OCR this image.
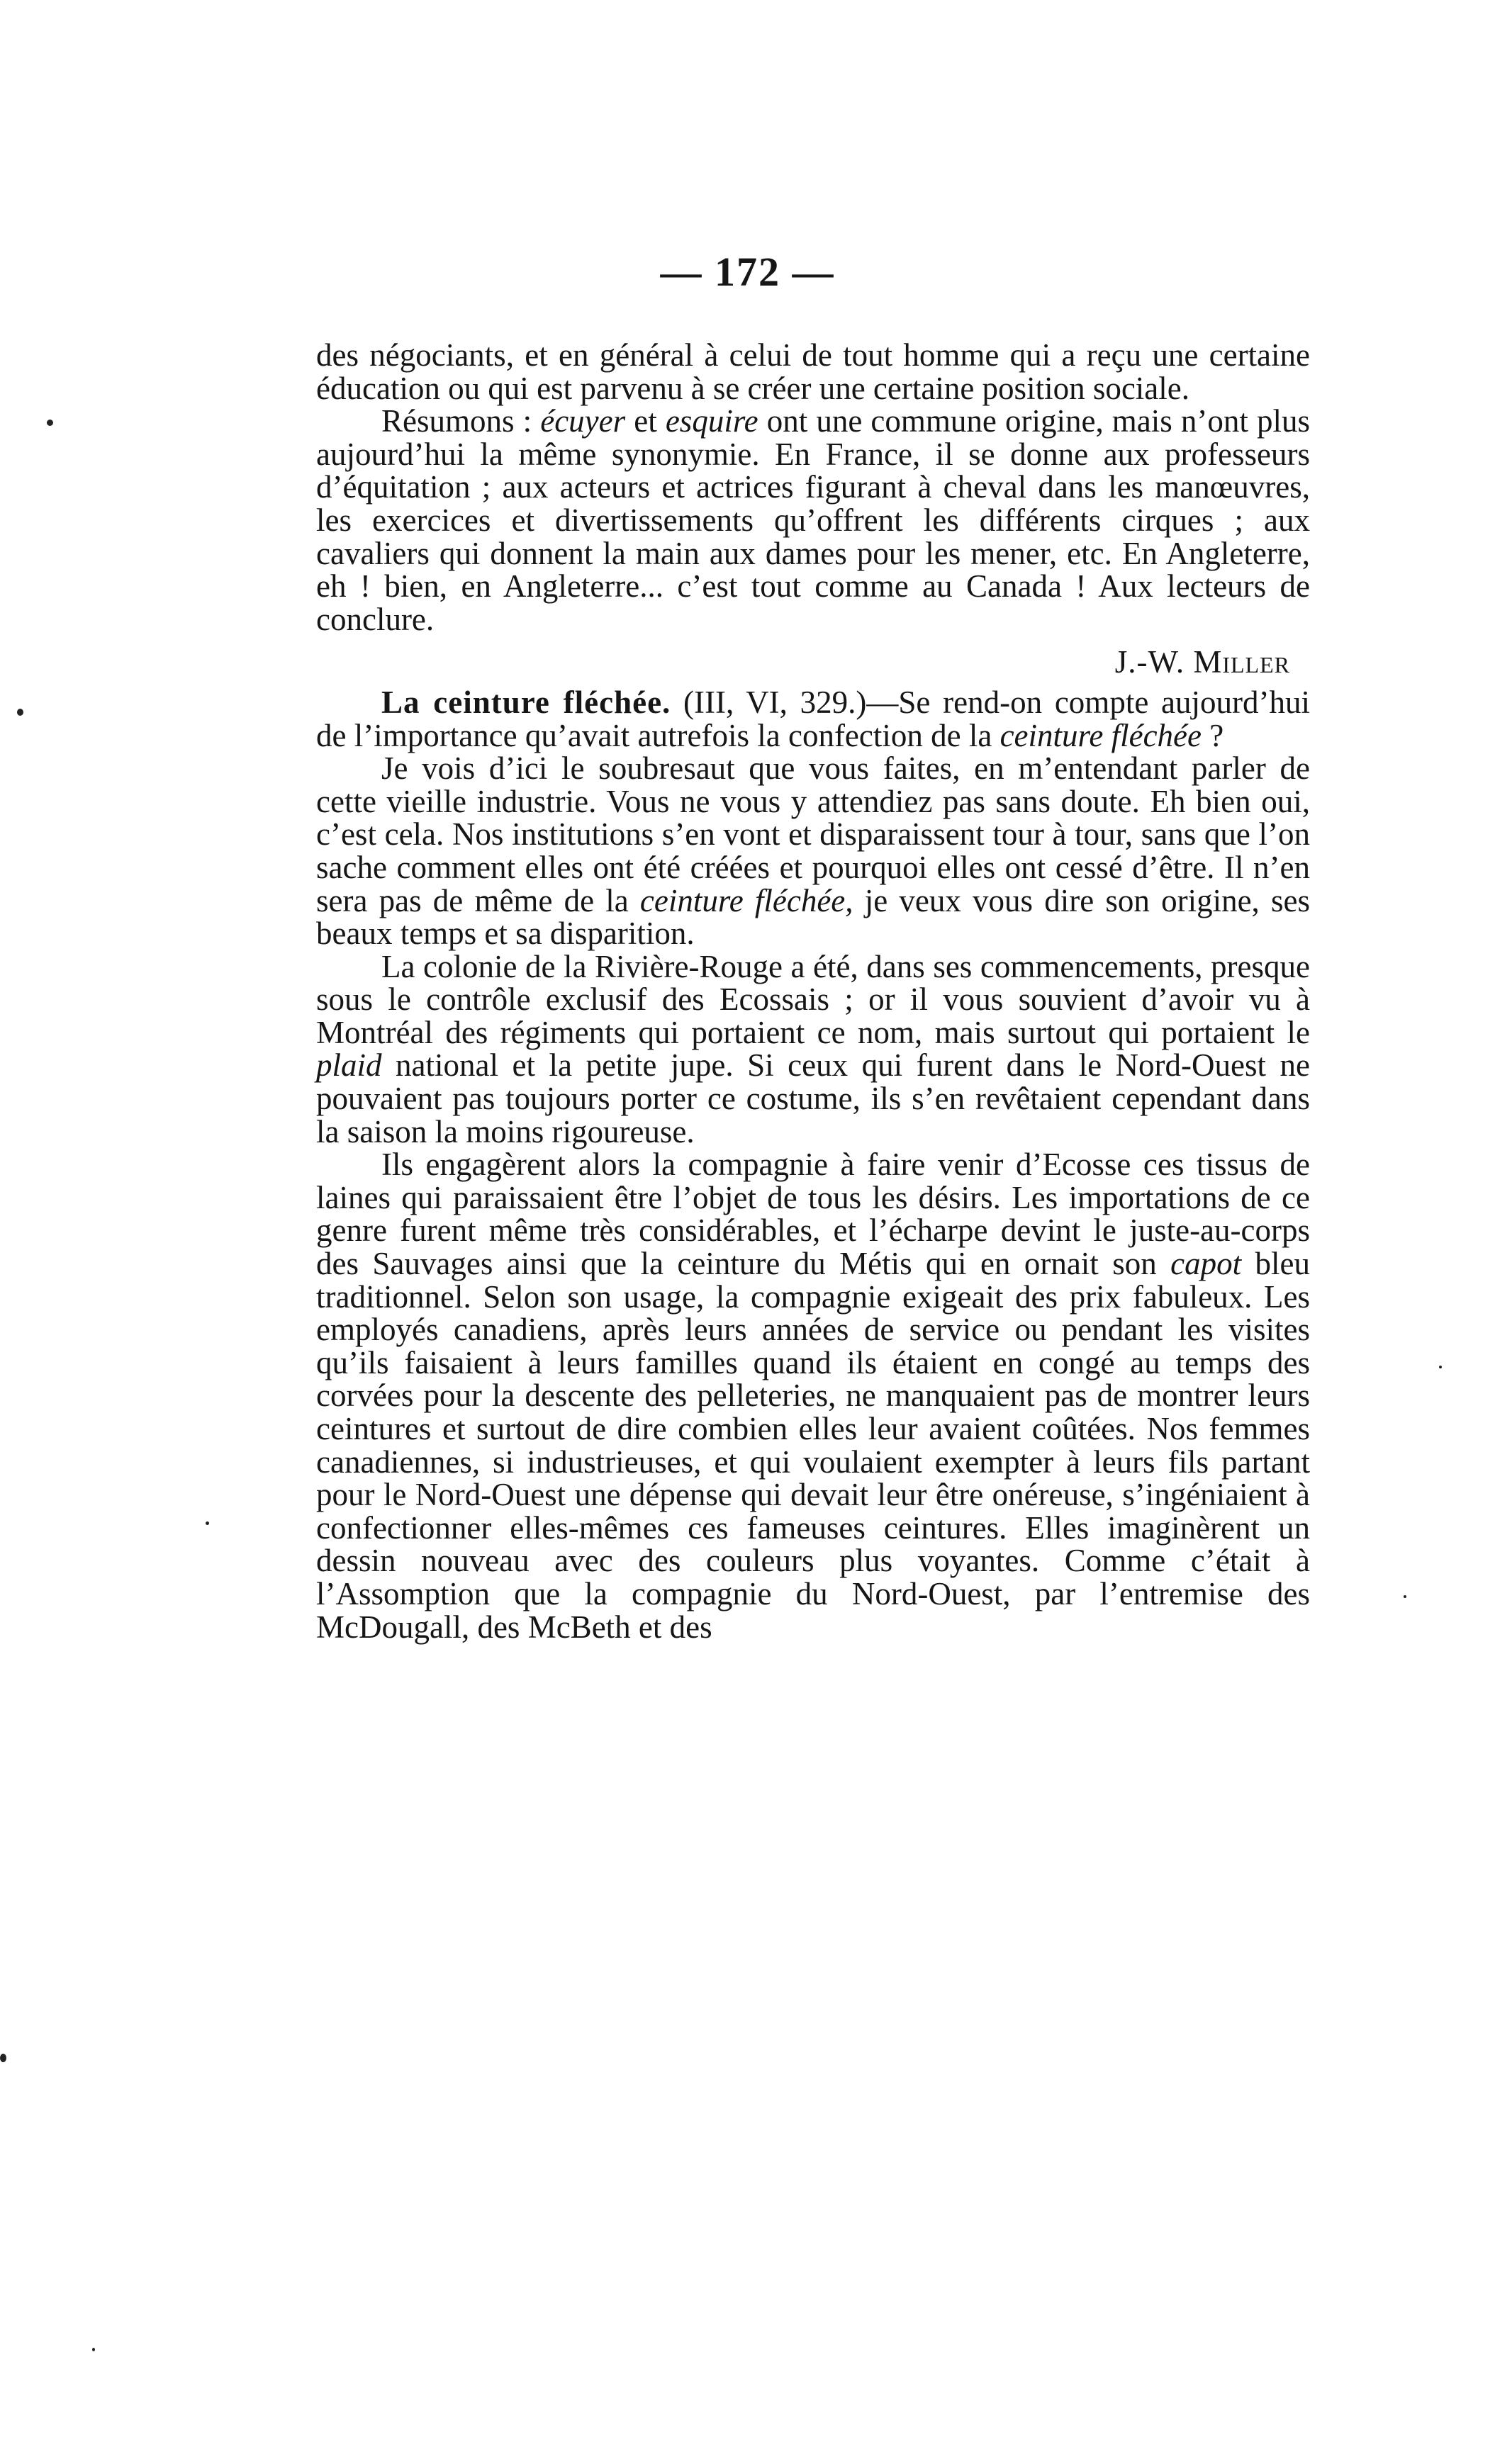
— 172 —

des négociants, et en général à celui de tout homme qui a reçu une certaine éducation ou qui est parvenu à se créer une certaine position sociale.

Résumons : écuyer et esquire ont une commune origine, mais n’ont plus aujourd’hui la même synonymie. En France, il se donne aux professeurs d’équitation ; aux acteurs et actrices figurant à cheval dans les manœuvres, les exercices et divertissements qu’offrent les différents cirques ; aux cavaliers qui donnent la main aux dames pour les mener, etc. En Angleterre, eh ! bien, en Angleterre... c’est tout comme au Canada ! Aux lecteurs de conclure.

J.-W. Miller

La ceinture fléchée. (III, VI, 329.)—Se rend-on compte aujourd’hui de l’importance qu’avait autrefois la confection de la ceinture fléchée ?

Je vois d’ici le soubresaut que vous faites, en m’entendant parler de cette vieille industrie. Vous ne vous y attendiez pas sans doute. Eh bien oui, c’est cela. Nos institutions s’en vont et disparaissent tour à tour, sans que l’on sache comment elles ont été créées et pourquoi elles ont cessé d’être. Il n’en sera pas de même de la ceinture fléchée, je veux vous dire son origine, ses beaux temps et sa disparition.

La colonie de la Rivière-Rouge a été, dans ses commencements, presque sous le contrôle exclusif des Ecossais ; or il vous souvient d’avoir vu à Montréal des régiments qui portaient ce nom, mais surtout qui portaient le plaid national et la petite jupe. Si ceux qui furent dans le Nord-Ouest ne pouvaient pas toujours porter ce costume, ils s’en revêtaient cependant dans la saison la moins rigoureuse.

Ils engagèrent alors la compagnie à faire venir d’Ecosse ces tissus de laines qui paraissaient être l’objet de tous les désirs. Les importations de ce genre furent même très considérables, et l’écharpe devint le juste-au-corps des Sauvages ainsi que la ceinture du Métis qui en ornait son capot bleu traditionnel. Selon son usage, la compagnie exigeait des prix fabuleux. Les employés canadiens, après leurs années de service ou pendant les visites qu’ils faisaient à leurs familles quand ils étaient en congé au temps des corvées pour la descente des pelleteries, ne manquaient pas de montrer leurs ceintures et surtout de dire combien elles leur avaient coûtées. Nos femmes canadiennes, si industrieuses, et qui voulaient exempter à leurs fils partant pour le Nord-Ouest une dépense qui devait leur être onéreuse, s’ingéniaient à confectionner elles-mêmes ces fameuses ceintures. Elles imaginèrent un dessin nouveau avec des couleurs plus voyantes. Comme c’était à l’Assomption que la compagnie du Nord-Ouest, par l’entremise des McDougall, des McBeth et des
